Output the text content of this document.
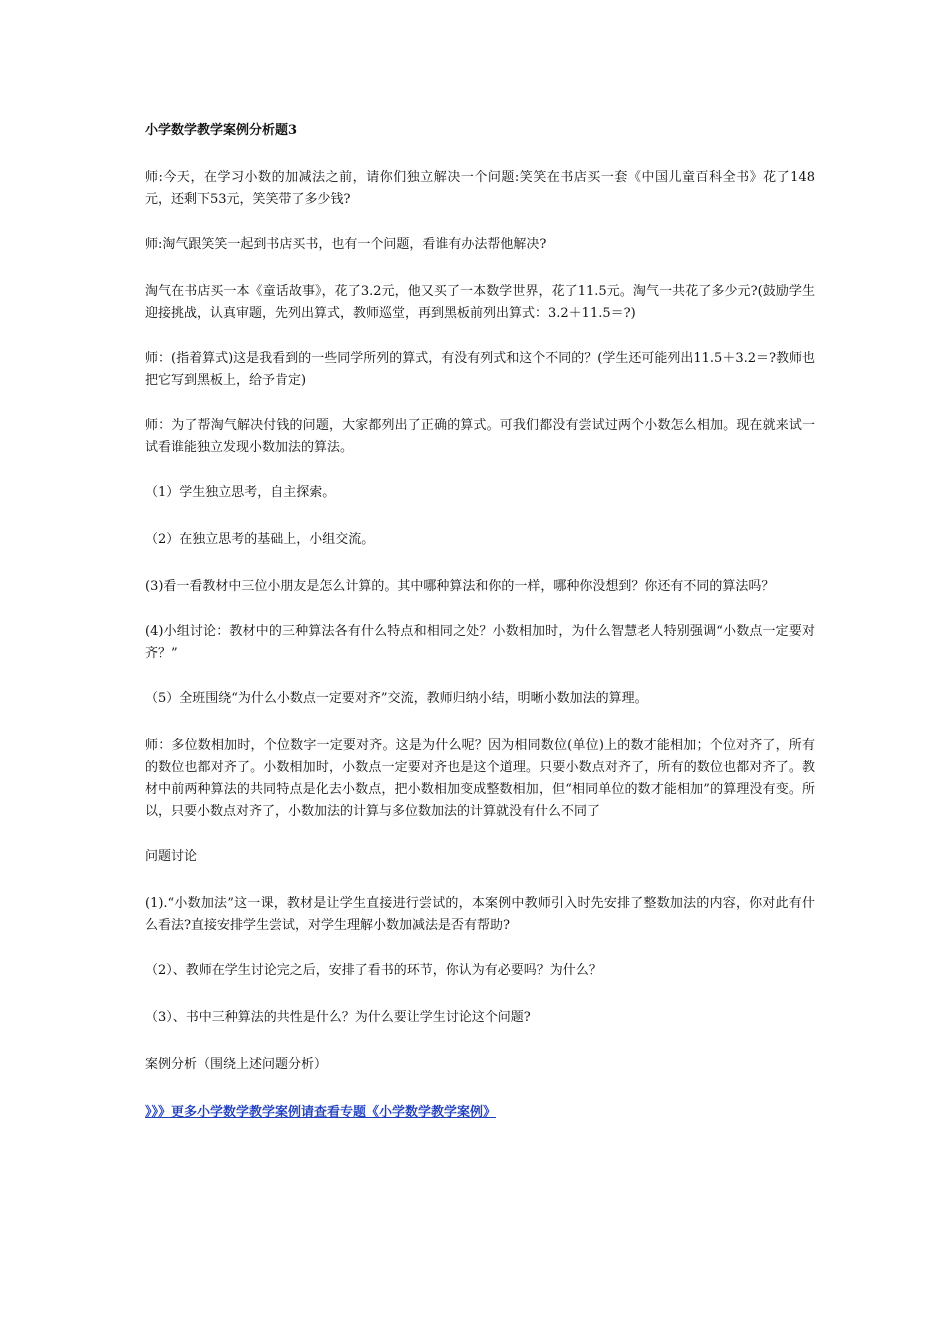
小学数学教学案例分析题3

师:今天，在学习小数的加减法之前，请你们独立解决一个问题:笑笑在书店买一套《中国儿童百科全书》花了148元，还剩下53元，笑笑带了多少钱?

师:淘气跟笑笑一起到书店买书，也有一个问题，看谁有办法帮他解决?

淘气在书店买一本《童话故事》，花了3.2元，他又买了一本数学世界，花了11.5元。淘气一共花了多少元?(鼓励学生迎接挑战，认真审题，先列出算式，教师巡堂，再到黑板前列出算式：3.2＋11.5＝?)

师：(指着算式)这是我看到的一些同学所列的算式，有没有列式和这个不同的？(学生还可能列出11.5＋3.2＝?教师也把它写到黑板上，给予肯定)

师：为了帮淘气解决付钱的问题，大家都列出了正确的算式。可我们都没有尝试过两个小数怎么相加。现在就来试一试看谁能独立发现小数加法的算法。

（1）学生独立思考，自主探索。

（2）在独立思考的基础上，小组交流。

(3)看一看教材中三位小朋友是怎么计算的。其中哪种算法和你的一样，哪种你没想到？你还有不同的算法吗？

(4)小组讨论：教材中的三种算法各有什么特点和相同之处？小数相加时，为什么智慧老人特别强调“小数点一定要对齐？”

（5）全班围绕“为什么小数点一定要对齐”交流，教师归纳小结，明晰小数加法的算理。

师：多位数相加时，个位数字一定要对齐。这是为什么呢？因为相同数位(单位)上的数才能相加；个位对齐了，所有的数位也都对齐了。小数相加时，小数点一定要对齐也是这个道理。只要小数点对齐了，所有的数位也都对齐了。教材中前两种算法的共同特点是化去小数点，把小数相加变成整数相加，但“相同单位的数才能相加”的算理没有变。所以，只要小数点对齐了，小数加法的计算与多位数加法的计算就没有什么不同了

问题讨论

(1).“小数加法”这一课，教材是让学生直接进行尝试的，本案例中教师引入时先安排了整数加法的内容，你对此有什么看法?直接安排学生尝试，对学生理解小数加减法是否有帮助?

（2）、教师在学生讨论完之后，安排了看书的环节，你认为有必要吗？为什么？

（3）、书中三种算法的共性是什么？为什么要让学生讨论这个问题?

案例分析（围绕上述问题分析）

》》》更多小学数学教学案例请查看专题《小学数学教学案例》
